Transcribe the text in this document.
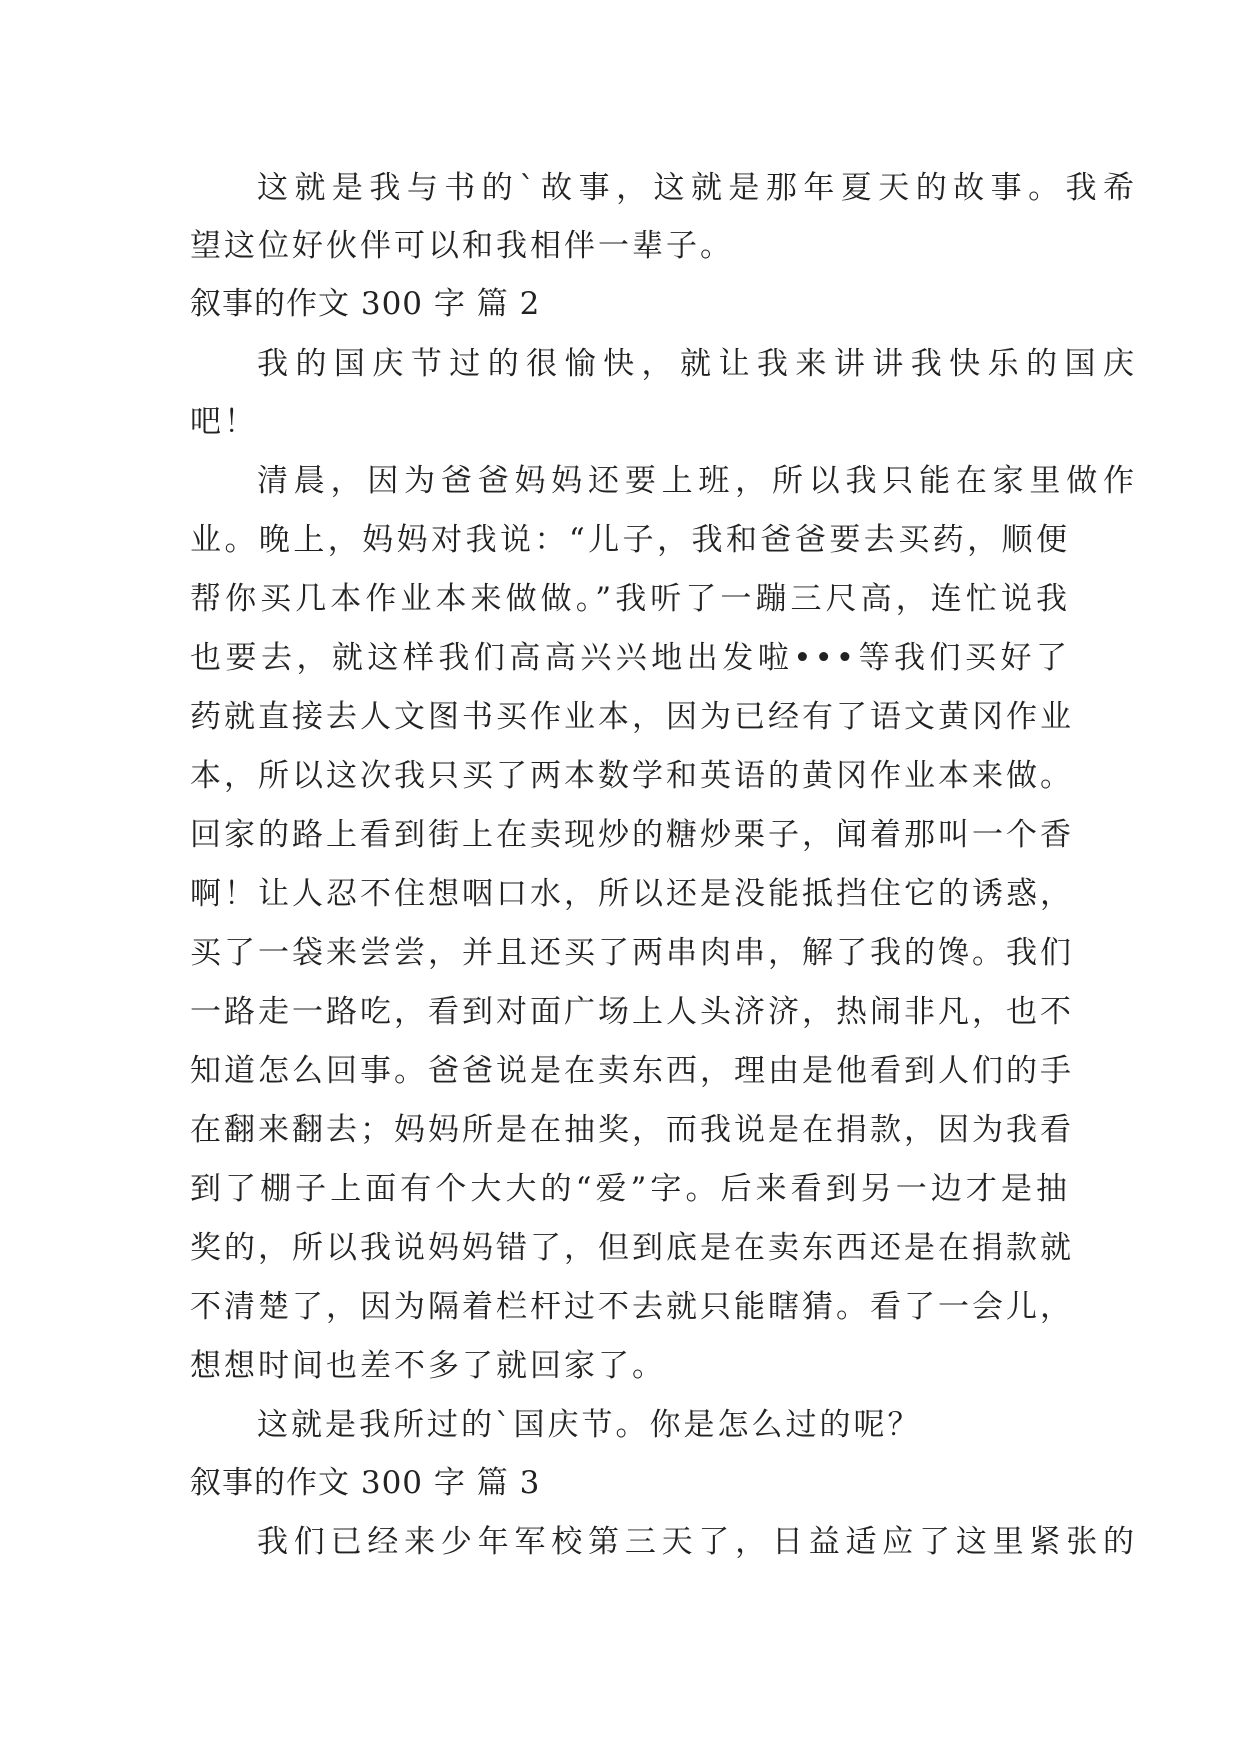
这就是我与书的`故事，这就是那年夏天的故事。我希
望这位好伙伴可以和我相伴一辈子。
叙事的作文 300 字 篇 2
我的国庆节过的很愉快，就让我来讲讲我快乐的国庆
吧！
清晨，因为爸爸妈妈还要上班，所以我只能在家里做作
业。晚上，妈妈对我说：“儿子，我和爸爸要去买药，顺便
帮你买几本作业本来做做。”我听了一蹦三尺高，连忙说我
也要去，就这样我们高高兴兴地出发啦•••等我们买好了
药就直接去人文图书买作业本，因为已经有了语文黄冈作业
本，所以这次我只买了两本数学和英语的黄冈作业本来做。
回家的路上看到街上在卖现炒的糖炒栗子，闻着那叫一个香
啊！让人忍不住想咽口水，所以还是没能抵挡住它的诱惑，
买了一袋来尝尝，并且还买了两串肉串，解了我的馋。我们
一路走一路吃，看到对面广场上人头济济，热闹非凡，也不
知道怎么回事。爸爸说是在卖东西，理由是他看到人们的手
在翻来翻去；妈妈所是在抽奖，而我说是在捐款，因为我看
到了棚子上面有个大大的“爱”字。后来看到另一边才是抽
奖的，所以我说妈妈错了，但到底是在卖东西还是在捐款就
不清楚了，因为隔着栏杆过不去就只能瞎猜。看了一会儿，
想想时间也差不多了就回家了。
这就是我所过的`国庆节。你是怎么过的呢？
叙事的作文 300 字 篇 3
我们已经来少年军校第三天了，日益适应了这里紧张的
